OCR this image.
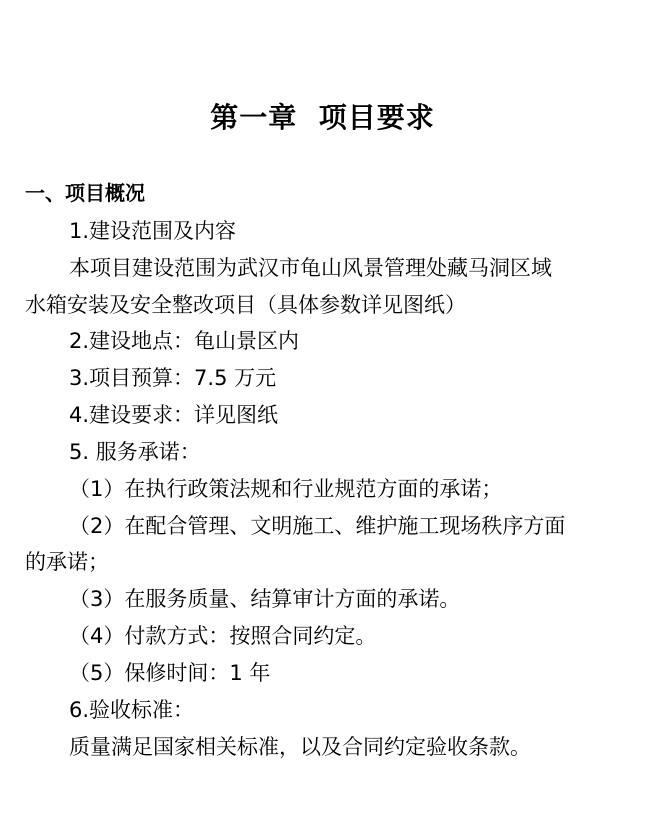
第一章  项目要求
一、项目概况
1.建设范围及内容
本项目建设范围为武汉市龟山风景管理处藏马洞区域
水箱安装及安全整改项目（具体参数详见图纸）
2.建设地点：龟山景区内
3.项目预算：7.5 万元
4.建设要求：详见图纸
5. 服务承诺：
（1）在执行政策法规和行业规范方面的承诺；
（2）在配合管理、文明施工、维护施工现场秩序方面
的承诺；
（3）在服务质量、结算审计方面的承诺。
（4）付款方式：按照合同约定。
（5）保修时间：1 年
6.验收标准：
质量满足国家相关标准，以及合同约定验收条款。
